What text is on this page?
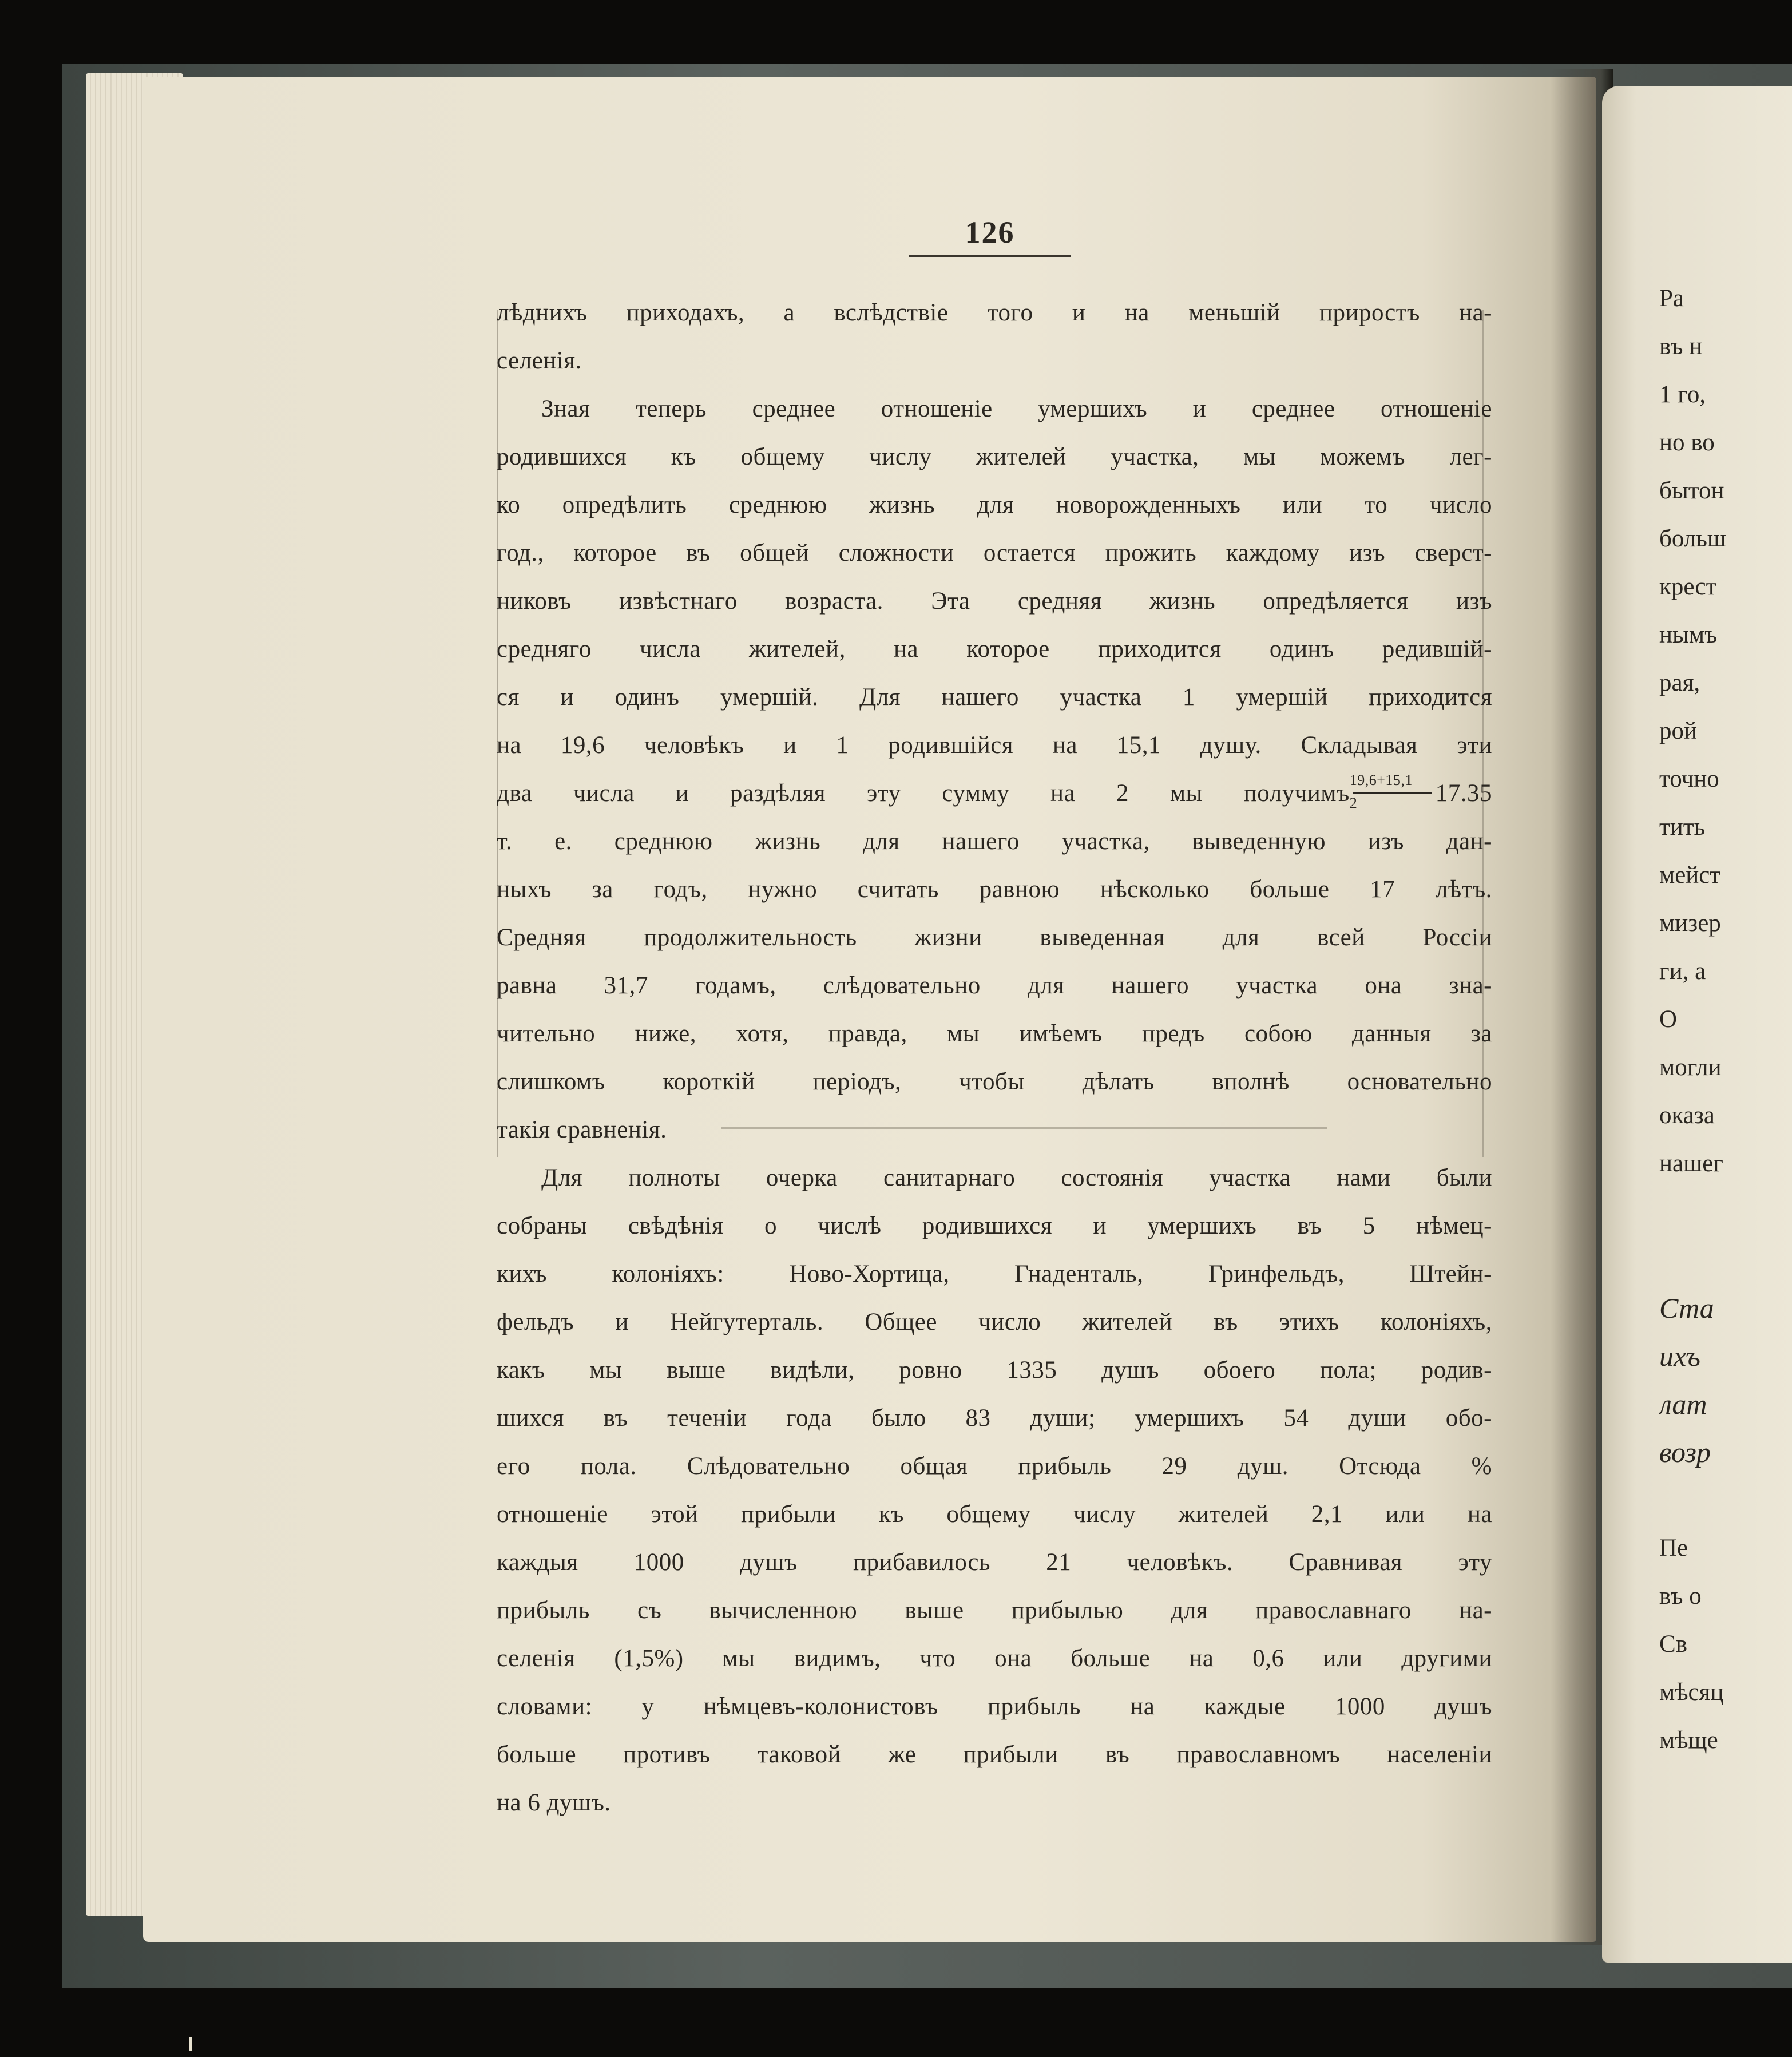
126
лѣднихъ приходахъ, а вслѣдствіе того и на меньшій приростъ на-
селенія.
Зная теперь среднее отношеніе умершихъ и среднее отношеніе
родившихся къ общему числу жителей участка, мы можемъ лег-
ко опредѣлить среднюю жизнь для новорожденныхъ или то число
год., которое въ общей сложности остается прожить каждому изъ сверст-
никовъ извѣстнаго возраста. Эта средняя жизнь опредѣляется изъ
средняго числа жителей, на которое приходится одинъ редившій-
ся и одинъ умершій. Для нашего участка 1 умершій приходится
на 19,6 человѣкъ и 1 родившійся на 15,1 душу. Складывая эти
два числа и раздѣляя эту сумму на 2 мы получимъ $\frac{19,6+15,1}{2} 17.35$
т. е. среднюю жизнь для нашего участка, выведенную изъ дан-
ныхъ за годъ, нужно считать равною нѣсколько больше 17 лѣтъ.
Средняя продолжительность жизни выведенная для всей Россіи
равна 31,7 годамъ, слѣдовательно для нашего участка она зна-
чительно ниже, хотя, правда, мы имѣемъ предъ собою данныя за
слишкомъ короткій періодъ, чтобы дѣлать вполнѣ основательно
такія сравненія.
Для полноты очерка санитарнаго состоянія участка нами были
собраны свѣдѣнія о числѣ родившихся и умершихъ въ 5 нѣмец-
кихъ колоніяхъ: Ново-Хортица, Гнаденталь, Гринфельдъ, Штейн-
фельдъ и Нейгутерталь. Общее число жителей въ этихъ колоніяхъ,
какъ мы выше видѣли, ровно 1335 душъ обоего пола; родив-
шихся въ теченіи года было 83 души; умершихъ 54 души обо-
его пола. Слѣдовательно общая прибыль 29 душ. Отсюда %
отношеніе этой прибыли къ общему числу жителей 2,1 или на
каждыя 1000 душъ прибавилось 21 человѣкъ. Сравнивая эту
прибыль съ вычисленною выше прибылью для православнаго на-
селенія (1,5%) мы видимъ, что она больше на 0,6 или другими
словами: у нѣмцевъ-колонистовъ прибыль на каждые 1000 душъ
больше противъ таковой же прибыли въ православномъ населеніи
на 6 душъ.
Ра
въ н
1 го,
но во
бытон
больш
крест
нымъ
рая,
рой
точно
тить
мейст
мизер
ги, а
О
могли
оказа
нашег
Ста
ихъ
лат
возр
Пе
въ о
Св
мѣсяц
мѣще
